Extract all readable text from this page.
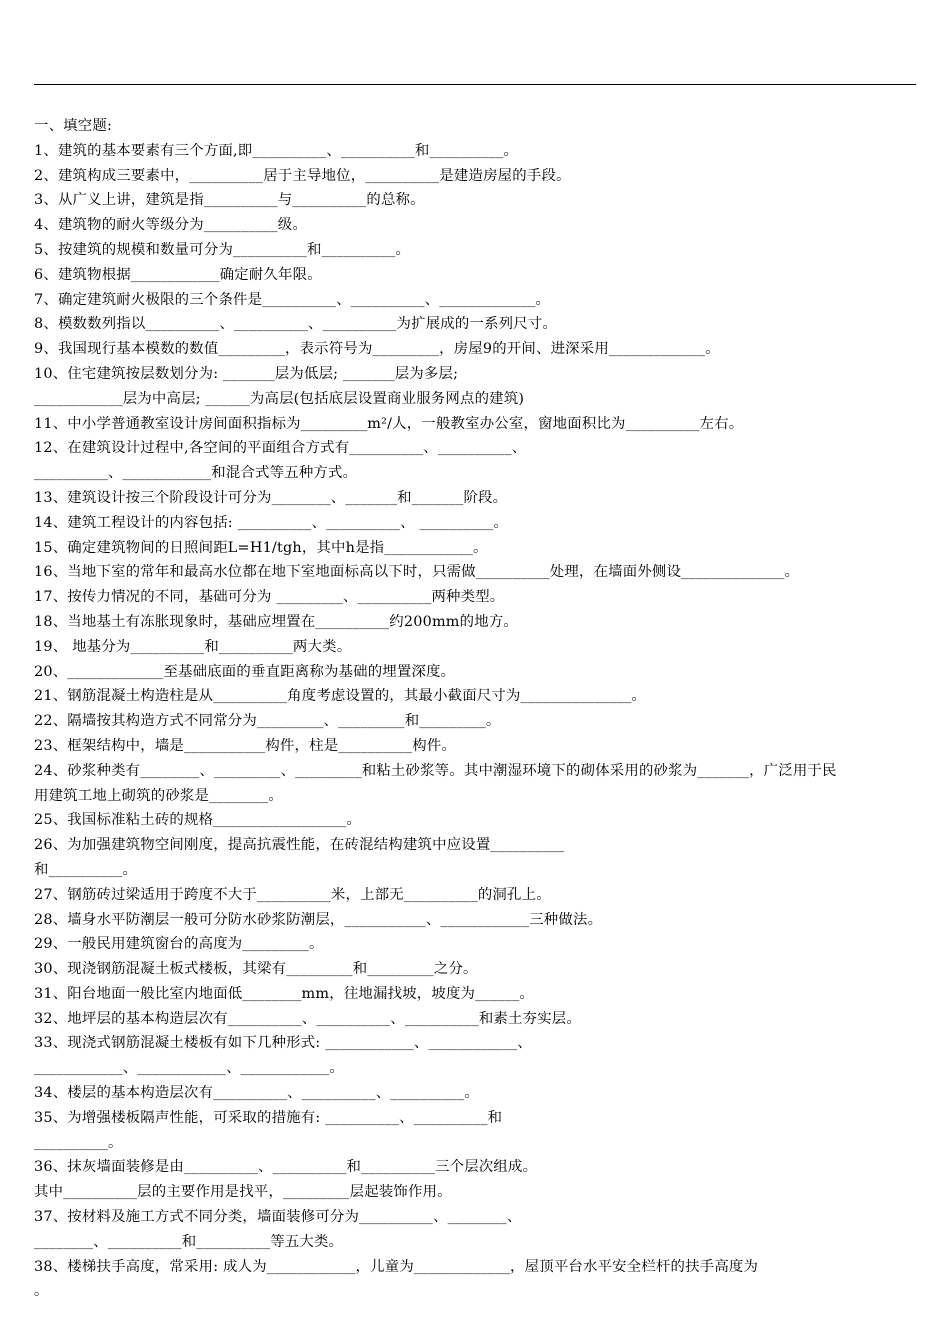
一、填空题:
1、建筑的基本要素有三个方面,即__________、__________和__________。
2、建筑构成三要素中，__________居于主导地位，__________是建造房屋的手段。
3、从广义上讲，建筑是指__________与__________的总称。
4、建筑物的耐火等级分为__________级。
5、按建筑的规模和数量可分为__________和__________。
6、建筑物根据____________确定耐久年限。
7、确定建筑耐火极限的三个条件是__________、__________、_____________。
8、模数数列指以__________、__________、__________为扩展成的一系列尺寸。
9、我国现行基本模数的数值_________，表示符号为_________，房屋9的开间、进深采用_____________。
10、住宅建筑按层数划分为: _______层为低层; _______层为多层;
____________层为中高层; ______为高层(包括底层设置商业服务网点的建筑)
11、中小学普通教室设计房间面积指标为_________m²/人，一般教室办公室，窗地面积比为__________左右。
12、在建筑设计过程中,各空间的平面组合方式有__________、__________、
__________、____________和混合式等五种方式。
13、建筑设计按三个阶段设计可分为________、_______和_______阶段。
14、建筑工程设计的内容包括: __________、__________、 __________。
15、确定建筑物间的日照间距L=H1/tgh，其中h是指____________。
16、当地下室的常年和最高水位都在地下室地面标高以下时，只需做__________处理，在墙面外侧设______________。
17、按传力情况的不同，基础可分为 _________、__________两种类型。
18、当地基土有冻胀现象时，基础应埋置在__________约200mm的地方。
19、 地基分为__________和__________两大类。
20、_____________至基础底面的垂直距离称为基础的埋置深度。
21、钢筋混凝土构造柱是从__________角度考虑设置的，其最小截面尺寸为_______________。
22、隔墙按其构造方式不同常分为_________、_________和_________。
23、框架结构中，墙是___________构件，柱是__________构件。
24、砂浆种类有________、_________、_________和粘土砂浆等。其中潮湿环境下的砌体采用的砂浆为_______，广泛用于民
用建筑工地上砌筑的砂浆是________。
25、我国标准粘土砖的规格__________________。
26、为加强建筑物空间刚度，提高抗震性能，在砖混结构建筑中应设置__________
和__________。
27、钢筋砖过梁适用于跨度不大于__________米，上部无__________的洞孔上。
28、墙身水平防潮层一般可分防水砂浆防潮层，___________、____________三种做法。
29、一般民用建筑窗台的高度为_________。
30、现浇钢筋混凝土板式楼板，其梁有_________和_________之分。
31、阳台地面一般比室内地面低________mm，往地漏找坡，坡度为______。
32、地坪层的基本构造层次有__________、__________、__________和素土夯实层。
33、现浇式钢筋混凝土楼板有如下几种形式: ____________、____________、
____________、____________、____________。
34、楼层的基本构造层次有__________、__________、__________。
35、为增强楼板隔声性能，可采取的措施有: __________、__________和
__________。
36、抹灰墙面装修是由__________、__________和__________三个层次组成。
其中__________层的主要作用是找平，_________层起装饰作用。
37、按材料及施工方式不同分类，墙面装修可分为__________、________、
________、__________和__________等五大类。
38、楼梯扶手高度，常采用: 成人为____________，儿童为_____________，屋顶平台水平安全栏杆的扶手高度为
。
